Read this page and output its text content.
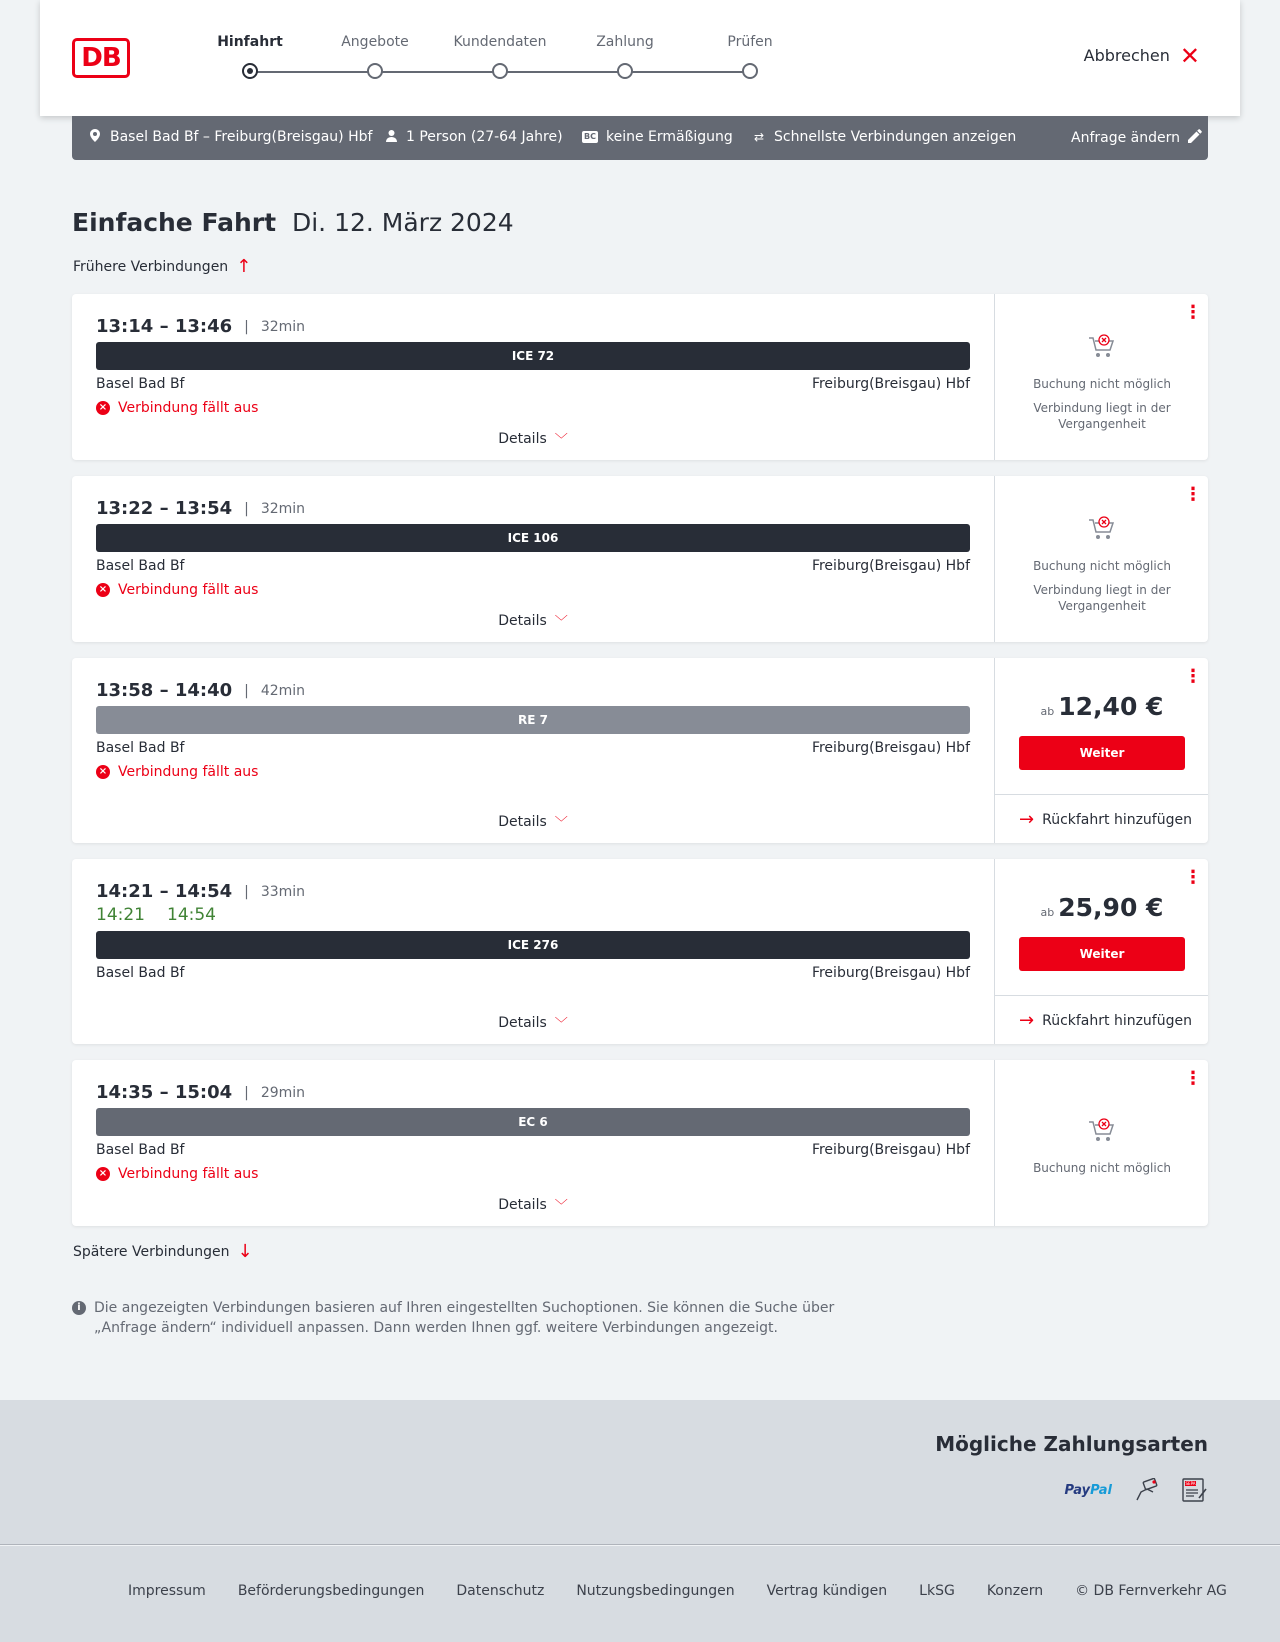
DB
Hinfahrt	Angebote	Kundendaten	Zahlung	Prüfen
Abbrechen ✕
Basel Bad Bf – Freiburg(Breisgau) Hbf 1 Person (27-64 Jahre)	BC keine Ermäßigung ⇄ Schnellste Verbindungen anzeigen	Anfrage ändern
Einfache Fahrt Di. 12. März 2024
Frühere Verbindungen ↑
13:14 – 13:46 | 32min
ICE 72
Basel Bad Bf	Freiburg(Breisgau) Hbf
× Verbindung fällt aus
Details ﹀
⋮
Buchung nicht möglich
Verbindung liegt in der Vergangenheit
13:22 – 13:54 | 32min
ICE 106
Basel Bad Bf	Freiburg(Breisgau) Hbf
× Verbindung fällt aus
Details ﹀
⋮
Buchung nicht möglich
Verbindung liegt in der Vergangenheit
13:58 – 14:40 | 42min
RE 7
Basel Bad Bf	Freiburg(Breisgau) Hbf
× Verbindung fällt aus
Details ﹀
⋮
ab 12,40 €
Weiter
→ Rückfahrt hinzufügen
14:21 – 14:54 | 33min
14:21 14:54
ICE 276
Basel Bad Bf	Freiburg(Breisgau) Hbf
Details ﹀
⋮
ab 25,90 €
Weiter
→ Rückfahrt hinzufügen
14:35 – 15:04 | 29min
EC 6
Basel Bad Bf	Freiburg(Breisgau) Hbf
× Verbindung fällt aus
Details ﹀
⋮
Buchung nicht möglich
Spätere Verbindungen ↓
i Die angezeigten Verbindungen basieren auf Ihren eingestellten Suchoptionen. Sie können die Suche über „Anfrage ändern“ individuell anpassen. Dann werden Ihnen ggf. weitere Verbindungen angezeigt.
Mögliche Zahlungsarten
PayPal	SEPA
Impressum Beförderungsbedingungen Datenschutz Nutzungsbedingungen Vertrag kündigen LkSG Konzern © DB Fernverkehr AG
